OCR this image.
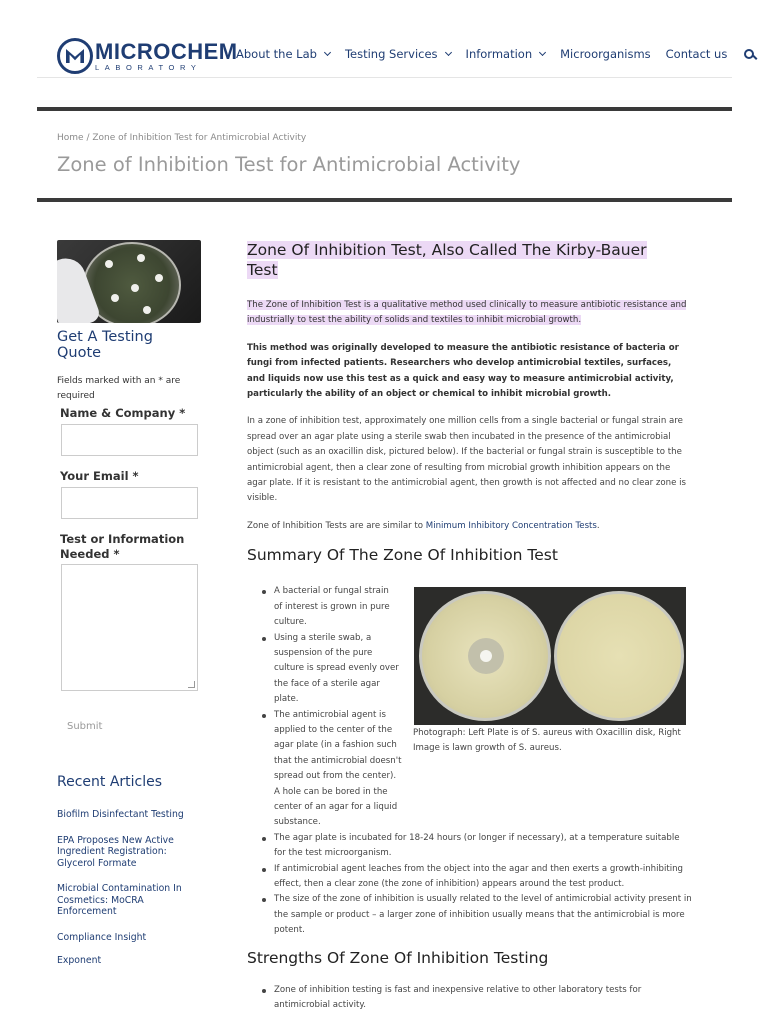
MICROCHEM
LABORATORY
About the Lab Testing Services Information Microorganisms Contact us
Home / Zone of Inhibition Test for Antimicrobial Activity
Zone of Inhibition Test for Antimicrobial Activity
Get A Testing Quote
Fields marked with an * are required
Name & Company *
Your Email *
Test or Information Needed *
Submit
Recent Articles
Biofilm Disinfectant Testing
EPA Proposes New Active Ingredient Registration: Glycerol Formate
Microbial Contamination In Cosmetics: MoCRA Enforcement
Compliance Insight
Exponent
Zone Of Inhibition Test, Also Called The Kirby-Bauer Test
The Zone of Inhibition Test is a qualitative method used clinically to measure antibiotic resistance and industrially to test the ability of solids and textiles to inhibit microbial growth.
This method was originally developed to measure the antibiotic resistance of bacteria or fungi from infected patients. Researchers who develop antimicrobial textiles, surfaces, and liquids now use this test as a quick and easy way to measure antimicrobial activity, particularly the ability of an object or chemical to inhibit microbial growth.
In a zone of inhibition test, approximately one million cells from a single bacterial or fungal strain are spread over an agar plate using a sterile swab then incubated in the presence of the antimicrobial object (such as an oxacillin disk, pictured below). If the bacterial or fungal strain is susceptible to the antimicrobial agent, then a clear zone of resulting from microbial growth inhibition appears on the agar plate. If it is resistant to the antimicrobial agent, then growth is not affected and no clear zone is visible.
Zone of Inhibition Tests are are similar to Minimum Inhibitory Concentration Tests.
Summary Of The Zone Of Inhibition Test
A bacterial or fungal strain of interest is grown in pure culture.
Using a sterile swab, a suspension of the pure culture is spread evenly over the face of a sterile agar plate.
The antimicrobial agent is applied to the center of the agar plate (in a fashion such that the antimicrobial doesn't spread out from the center). A hole can be bored in the center of an agar for a liquid substance.
The agar plate is incubated for 18-24 hours (or longer if necessary), at a temperature suitable for the test microorganism.
If antimicrobial agent leaches from the object into the agar and then exerts a growth-inhibiting effect, then a clear zone (the zone of inhibition) appears around the test product.
The size of the zone of inhibition is usually related to the level of antimicrobial activity present in the sample or product – a larger zone of inhibition usually means that the antimicrobial is more potent.
Strengths Of Zone Of Inhibition Testing
Zone of inhibition testing is fast and inexpensive relative to other laboratory tests for antimicrobial activity.
Photograph: Left Plate is of S. aureus with Oxacillin disk, Right Image is lawn growth of S. aureus.
